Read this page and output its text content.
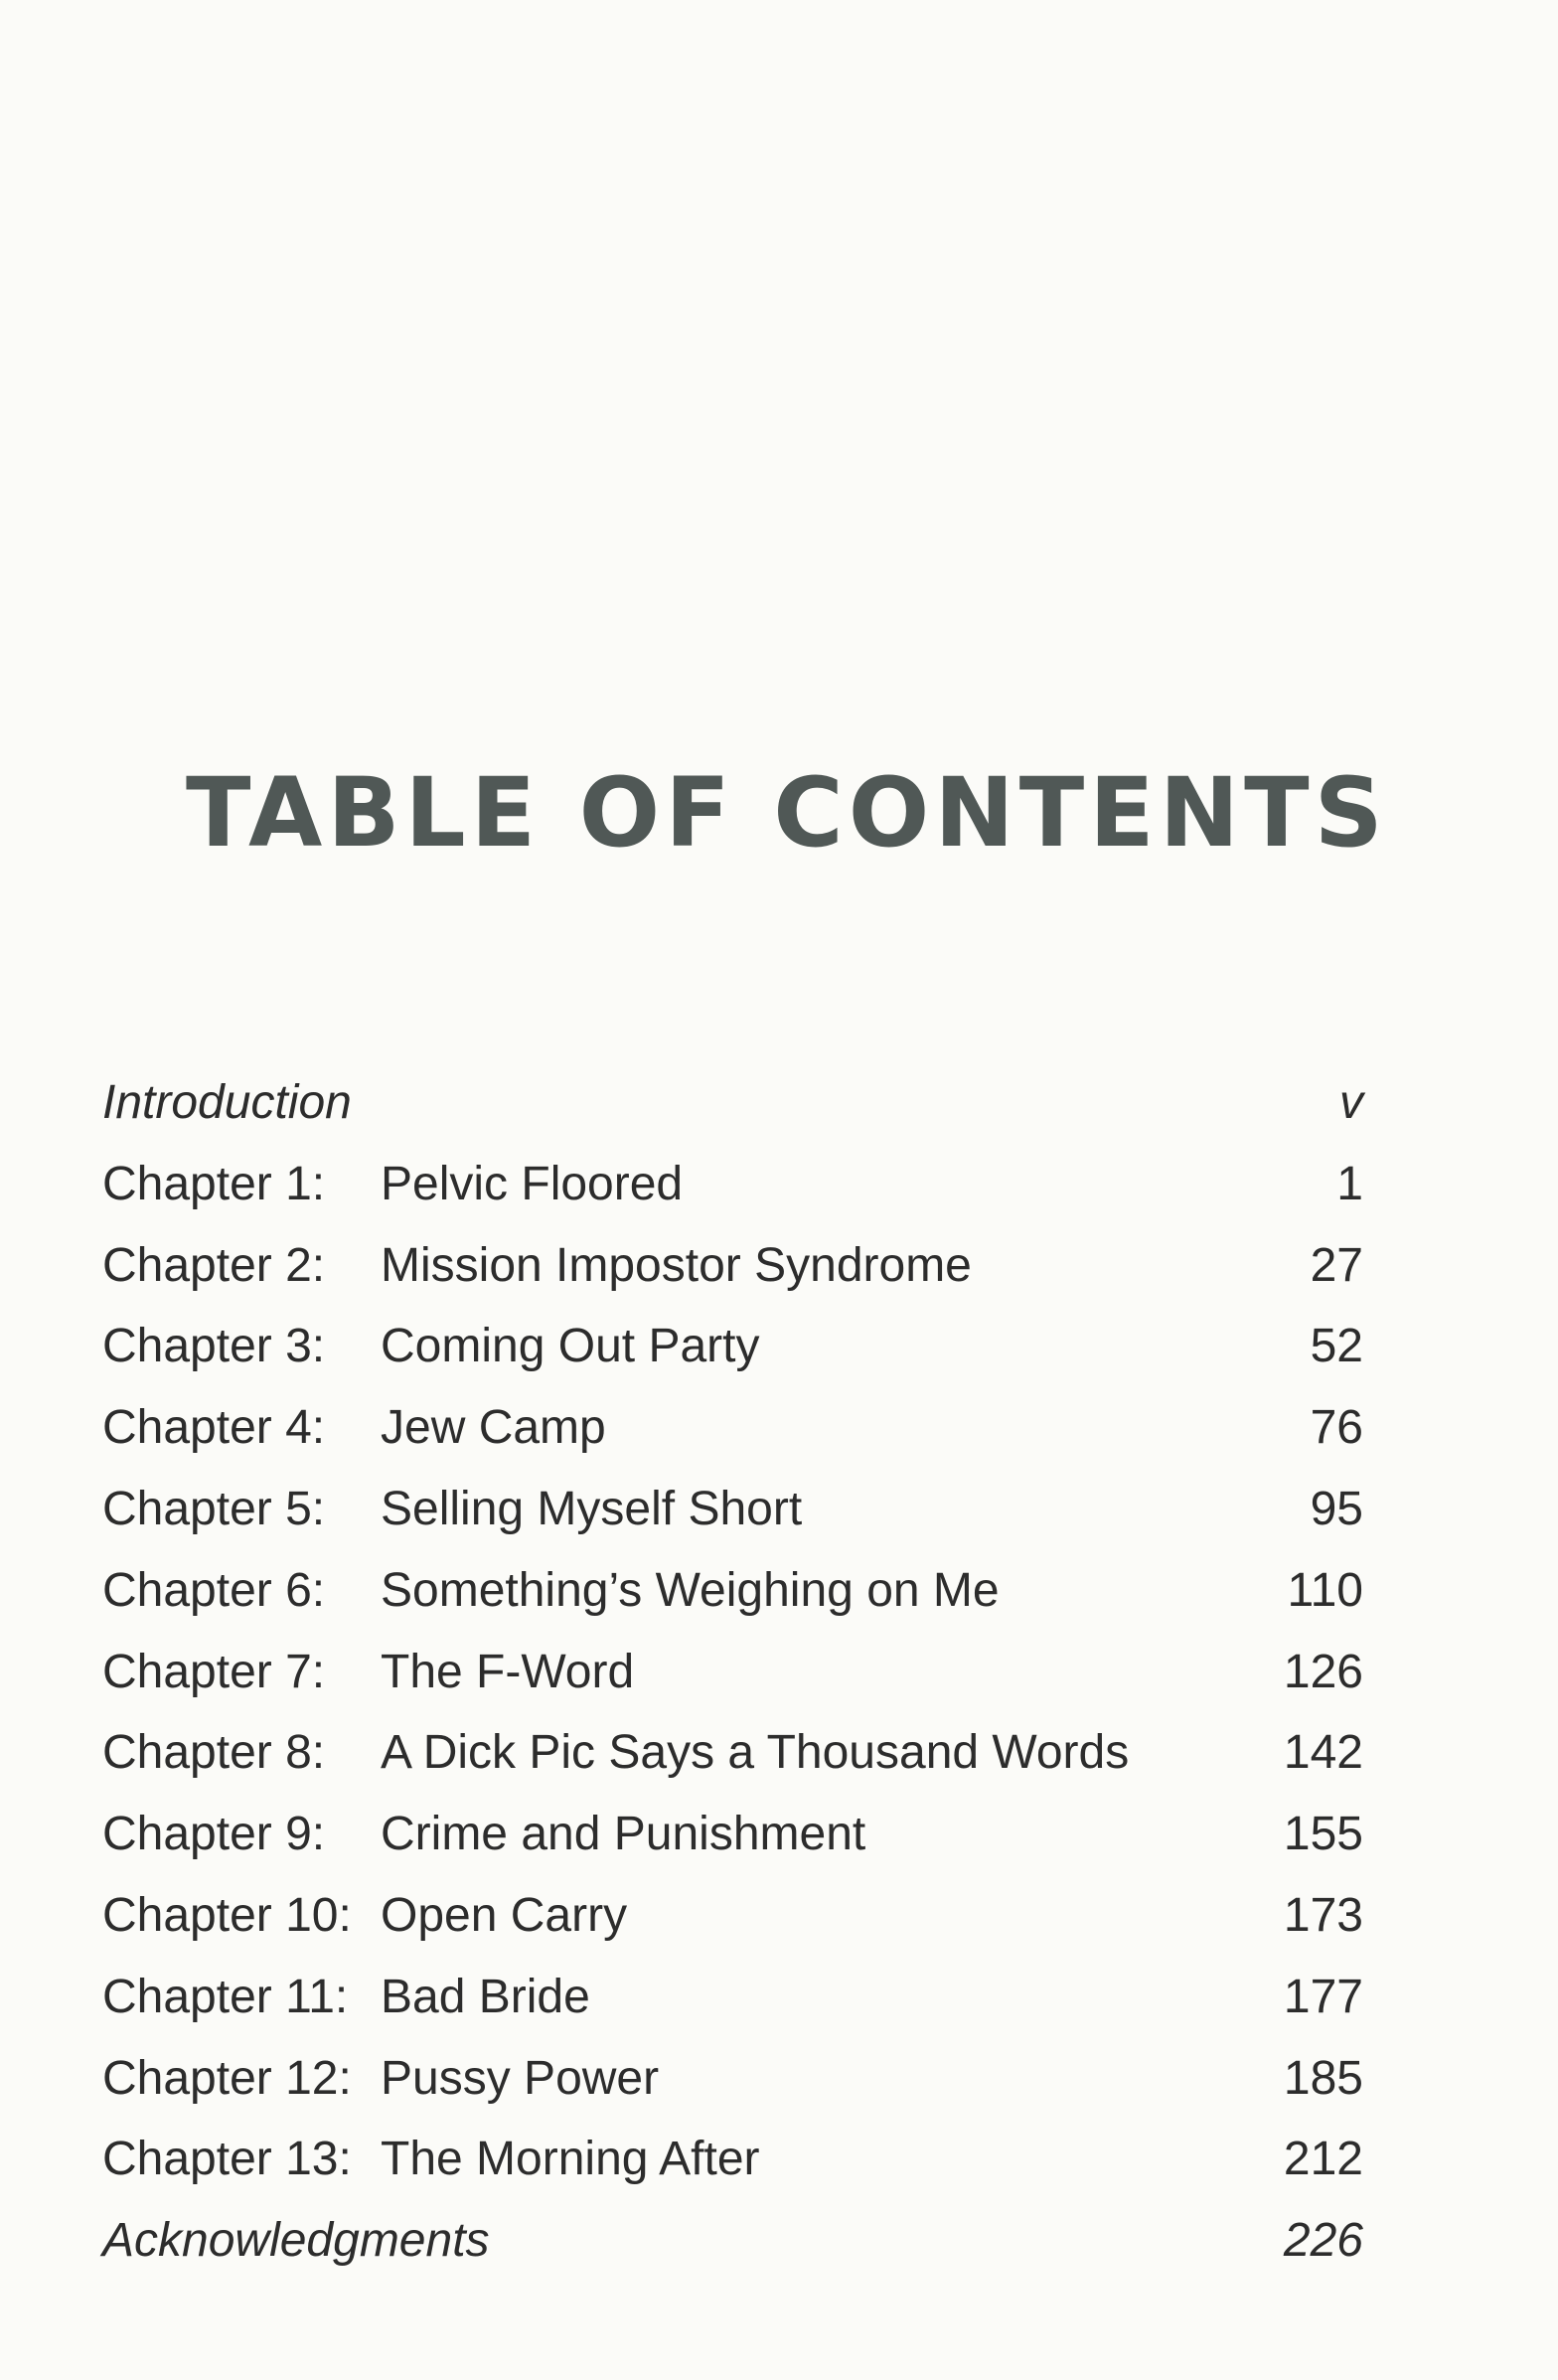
TABLE OF CONTENTS
Introduction	v
Chapter 1: Pelvic Floored	1
Chapter 2: Mission Impostor Syndrome	27
Chapter 3: Coming Out Party	52
Chapter 4: Jew Camp	76
Chapter 5: Selling Myself Short	95
Chapter 6: Something’s Weighing on Me	110
Chapter 7: The F-Word	126
Chapter 8: A Dick Pic Says a Thousand Words	142
Chapter 9: Crime and Punishment	155
Chapter 10: Open Carry	173
Chapter 11: Bad Bride	177
Chapter 12: Pussy Power	185
Chapter 13: The Morning After	212
Acknowledgments	226
